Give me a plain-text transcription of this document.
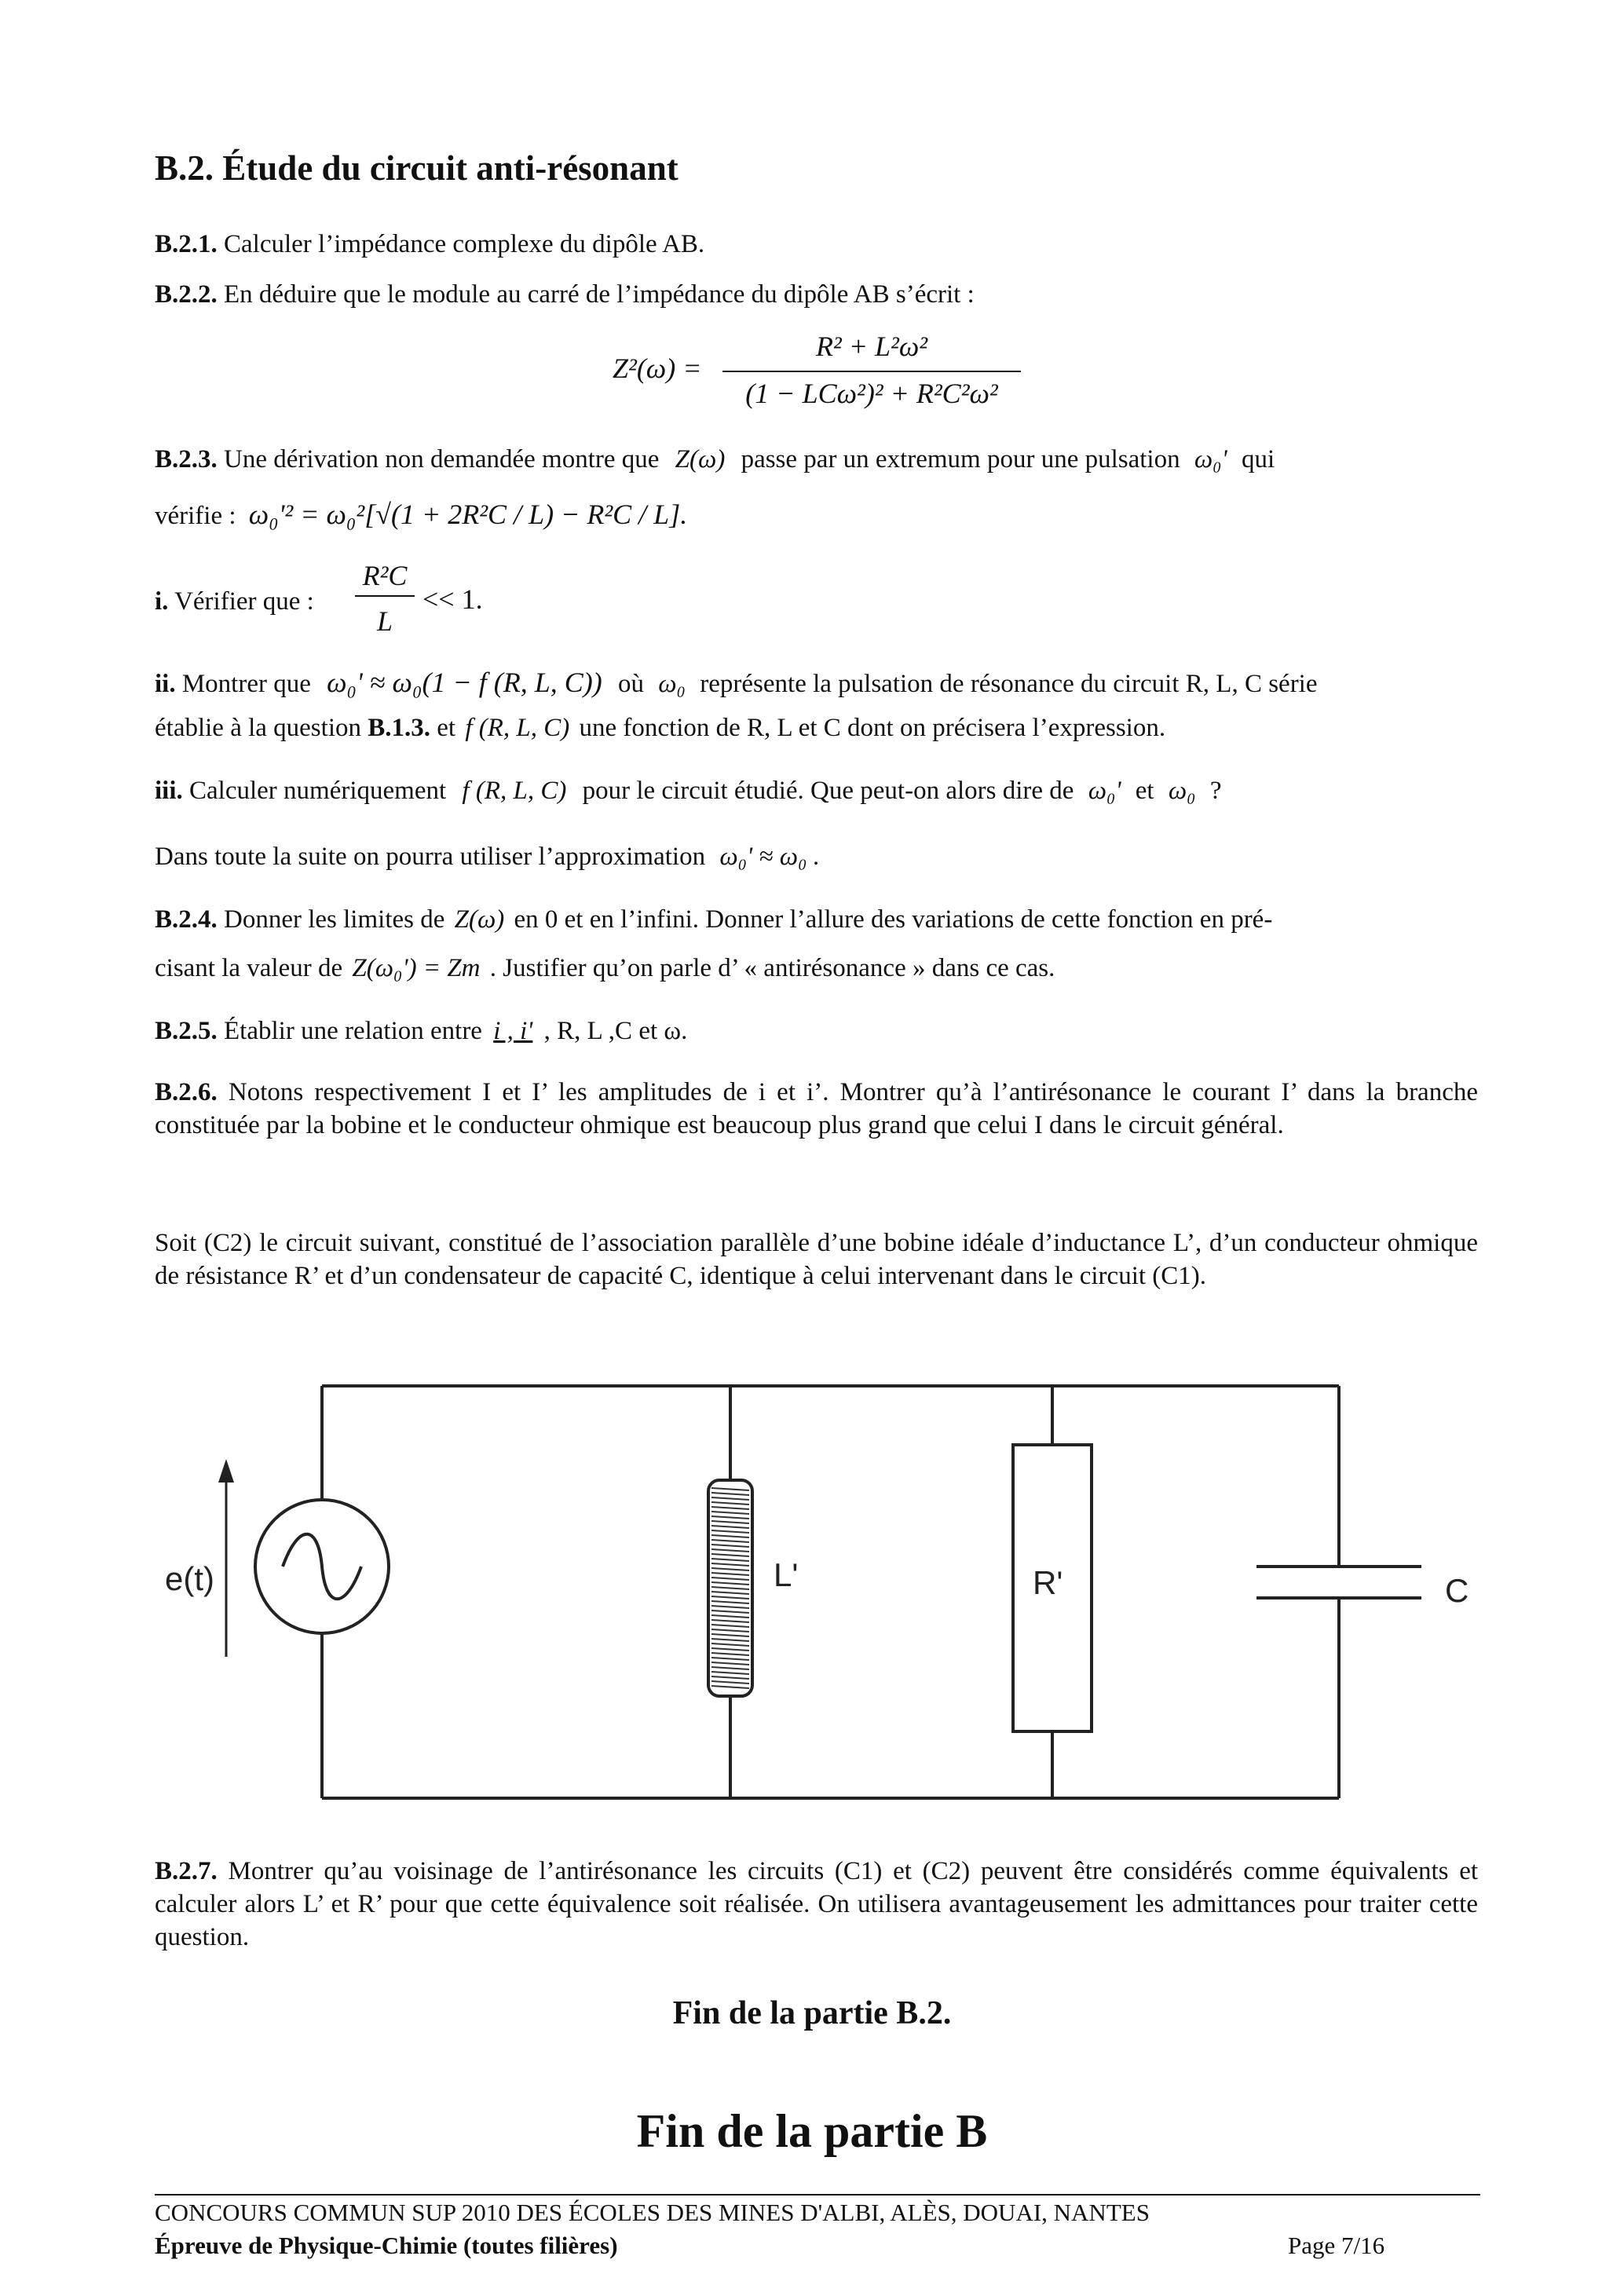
B.2. Étude du circuit anti-résonant
B.2.1. Calculer l’impédance complexe du dipôle AB.
B.2.2. En déduire que le module au carré de l’impédance du dipôle AB s’écrit :
Z²(ω) =
R² + L²ω²
(1 − LCω²)² + R²C²ω²
B.2.3. Une dérivation non demandée montre que Z(ω) passe par un extremum pour une pulsation ω₀' qui
vérifie : ω₀'² = ω₀²[√(1 + 2R²C / L) − R²C / L].
i. Vérifier que :
R²C
L
<< 1.
ii. Montrer que ω₀' ≈ ω₀(1 − f (R, L, C)) où ω₀ représente la pulsation de résonance du circuit R, L, C série
établie à la question B.1.3. et f (R, L, C) une fonction de R, L et C dont on précisera l’expression.
iii. Calculer numériquement f (R, L, C) pour le circuit étudié. Que peut-on alors dire de ω₀' et ω₀ ?
Dans toute la suite on pourra utiliser l’approximation ω₀' ≈ ω₀ .
B.2.4. Donner les limites de Z(ω) en 0 et en l’infini. Donner l’allure des variations de cette fonction en pré-
cisant la valeur de Z(ω₀') = Zm . Justifier qu’on parle d’ « antirésonance » dans ce cas.
B.2.5. Établir une relation entre i , i' , R, L ,C et ω.
B.2.6. Notons respectivement I et I’ les amplitudes de i et i’. Montrer qu’à l’antirésonance le courant I’ dans la branche constituée par la bobine et le conducteur ohmique est beaucoup plus grand que celui I dans le circuit général.
Soit (C2) le circuit suivant, constitué de l’association parallèle d’une bobine idéale d’inductance L’, d’un conducteur ohmique de résistance R’ et d’un condensateur de capacité C, identique à celui intervenant dans le circuit (C1).
e(t)	L'	R'	C
B.2.7. Montrer qu’au voisinage de l’antirésonance les circuits (C1) et (C2) peuvent être considérés comme équivalents et calculer alors L’ et R’ pour que cette équivalence soit réalisée. On utilisera avantageusement les admittances pour traiter cette question.
Fin de la partie B.2.
Fin de la partie B
CONCOURS COMMUN SUP 2010 DES ÉCOLES DES MINES D'ALBI, ALÈS, DOUAI, NANTES
Épreuve de Physique-Chimie (toutes filières)	Page 7/16
